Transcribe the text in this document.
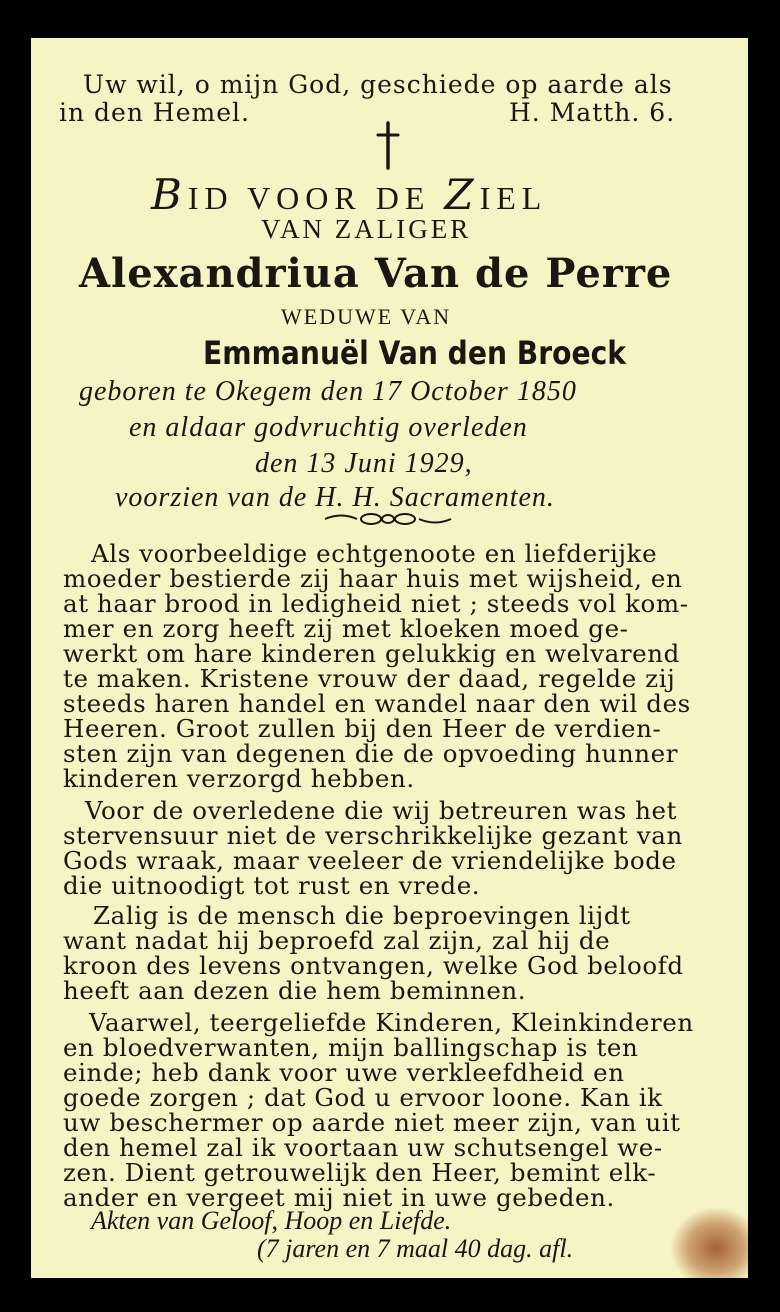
Uw wil, o mijn God, geschiede op aarde als
in den Hemel.	H. Matth. 6.
BID VOOR DE ZIEL
VAN ZALIGER
Alexandriua Van de Perre
WEDUWE VAN
Emmanuël Van den Broeck
geboren te Okegem den 17 October 1850
en aldaar godvruchtig overleden
den 13 Juni 1929,
voorzien van de H. H. Sacramenten.
Als voorbeeldige echtgenoote en liefderijke
moeder bestierde zij haar huis met wijsheid, en
at haar brood in ledigheid niet ; steeds vol kom-
mer en zorg heeft zij met kloeken moed ge-
werkt om hare kinderen gelukkig en welvarend
te maken. Kristene vrouw der daad, regelde zij
steeds haren handel en wandel naar den wil des
Heeren. Groot zullen bij den Heer de verdien-
sten zijn van degenen die de opvoeding hunner
kinderen verzorgd hebben.
Voor de overledene die wij betreuren was het
stervensuur niet de verschrikkelijke gezant van
Gods wraak, maar veeleer de vriendelijke bode
die uitnoodigt tot rust en vrede.
Zalig is de mensch die beproevingen lijdt
want nadat hij beproefd zal zijn, zal hij de
kroon des levens ontvangen, welke God beloofd
heeft aan dezen die hem beminnen.
Vaarwel, teergeliefde Kinderen, Kleinkinderen
en bloedverwanten, mijn ballingschap is ten
einde; heb dank voor uwe verkleefdheid en
goede zorgen ; dat God u ervoor loone. Kan ik
uw beschermer op aarde niet meer zijn, van uit
den hemel zal ik voortaan uw schutsengel we-
zen. Dient getrouwelijk den Heer, bemint elk-
ander en vergeet mij niet in uwe gebeden.
Akten van Geloof, Hoop en Liefde.
(7 jaren en 7 maal 40 dag. afl.
